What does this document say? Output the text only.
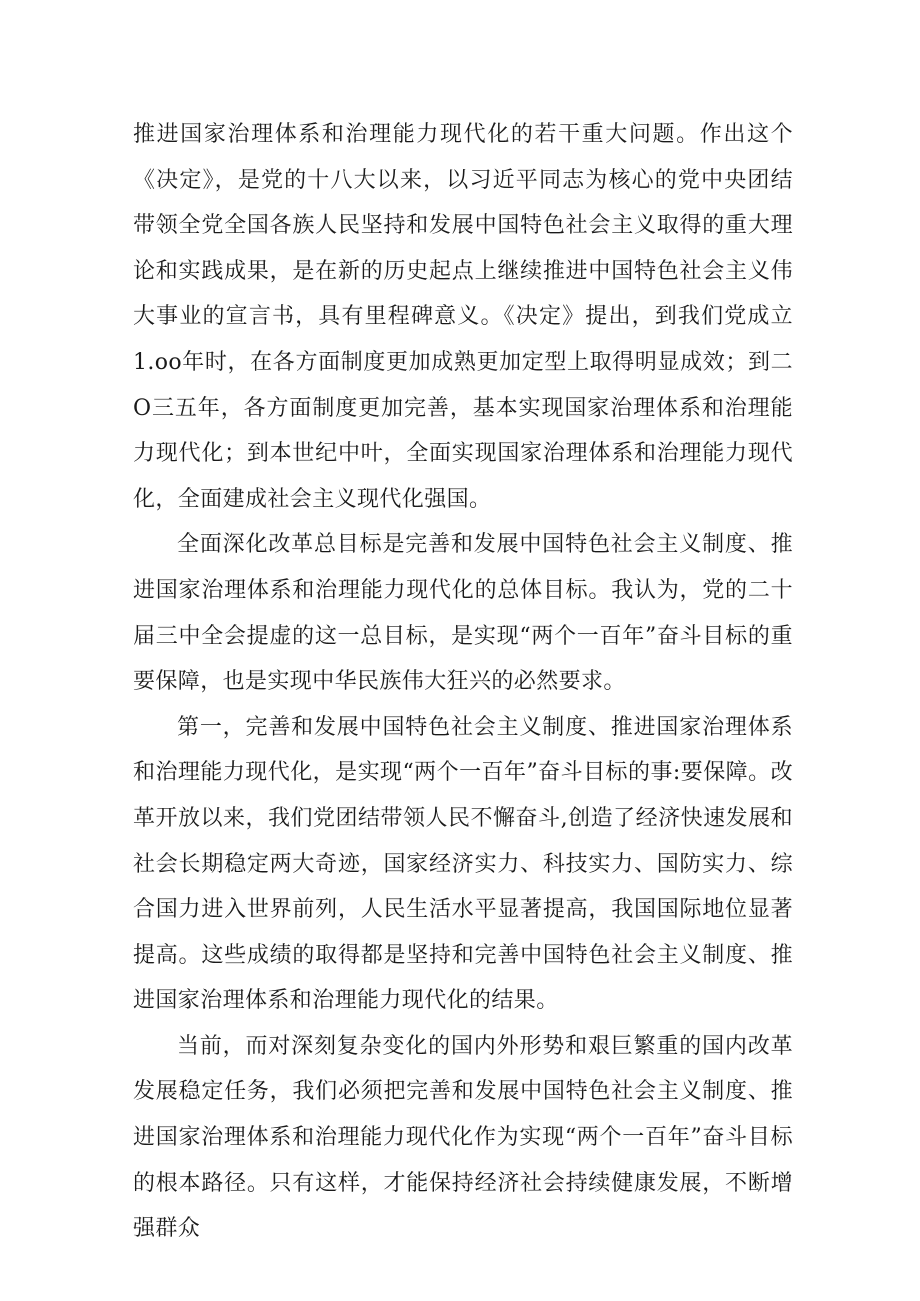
推进国家治理体系和治理能力现代化的若干重大问题。作出这个《决定》，是党的十八大以来，以习近平同志为核心的党中央团结带领全党全国各族人民坚持和发展中国特色社会主义取得的重大理论和实践成果，是在新的历史起点上继续推进中国特色社会主义伟大事业的宣言书，具有里程碑意义。《决定》提出，到我们党成立1.oo年时，在各方面制度更加成熟更加定型上取得明显成效；到二O三五年，各方面制度更加完善，基本实现国家治理体系和治理能力现代化；到本世纪中叶，全面实现国家治理体系和治理能力现代化，全面建成社会主义现代化强国。

全面深化改革总目标是完善和发展中国特色社会主义制度、推进国家治理体系和治理能力现代化的总体目标。我认为，党的二十届三中全会提虚的这一总目标，是实现“两个一百年”奋斗目标的重要保障，也是实现中华民族伟大狂兴的必然要求。

第一，完善和发展中国特色社会主义制度、推进国家治理体系和治理能力现代化，是实现“两个一百年”奋斗目标的事:要保障。改革开放以来，我们党团结带领人民不懈奋斗,创造了经济快速发展和社会长期稳定两大奇迹，国家经济实力、科技实力、国防实力、综合国力进入世界前列，人民生活水平显著提高，我国国际地位显著提高。这些成绩的取得都是坚持和完善中国特色社会主义制度、推进国家治理体系和治理能力现代化的结果。

当前，而对深刻复杂变化的国内外形势和艰巨繁重的国内改革发展稳定任务，我们必须把完善和发展中国特色社会主义制度、推进国家治理体系和治理能力现代化作为实现“两个一百年”奋斗目标的根本路径。只有这样，才能保持经济社会持续健康发展，不断增强群众
